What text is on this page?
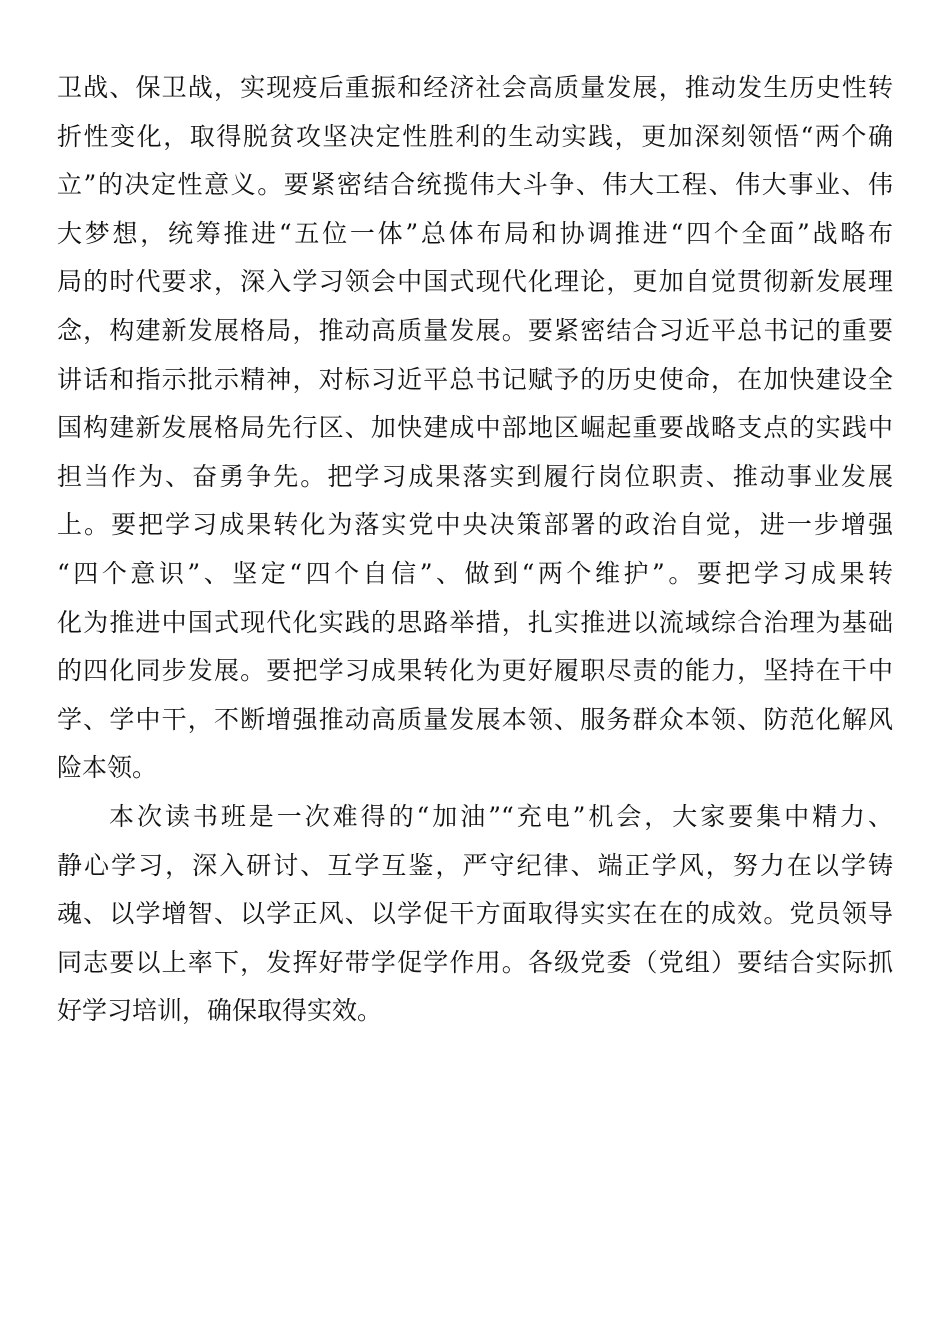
卫战、保卫战，实现疫后重振和经济社会高质量发展，推动发生历史性转
折性变化，取得脱贫攻坚决定性胜利的生动实践，更加深刻领悟“两个确
立”的决定性意义。要紧密结合统揽伟大斗争、伟大工程、伟大事业、伟
大梦想，统筹推进“五位一体”总体布局和协调推进“四个全面”战略布
局的时代要求，深入学习领会中国式现代化理论，更加自觉贯彻新发展理
念，构建新发展格局，推动高质量发展。要紧密结合习近平总书记的重要
讲话和指示批示精神，对标习近平总书记赋予的历史使命，在加快建设全
国构建新发展格局先行区、加快建成中部地区崛起重要战略支点的实践中
担当作为、奋勇争先。把学习成果落实到履行岗位职责、推动事业发展
上。要把学习成果转化为落实党中央决策部署的政治自觉，进一步增强
“四个意识”、坚定“四个自信”、做到“两个维护”。要把学习成果转
化为推进中国式现代化实践的思路举措，扎实推进以流域综合治理为基础
的四化同步发展。要把学习成果转化为更好履职尽责的能力，坚持在干中
学、学中干，不断增强推动高质量发展本领、服务群众本领、防范化解风
险本领。
本次读书班是一次难得的“加油”“充电”机会，大家要集中精力、
静心学习，深入研讨、互学互鉴，严守纪律、端正学风，努力在以学铸
魂、以学增智、以学正风、以学促干方面取得实实在在的成效。党员领导
同志要以上率下，发挥好带学促学作用。各级党委（党组）要结合实际抓
好学习培训，确保取得实效。
